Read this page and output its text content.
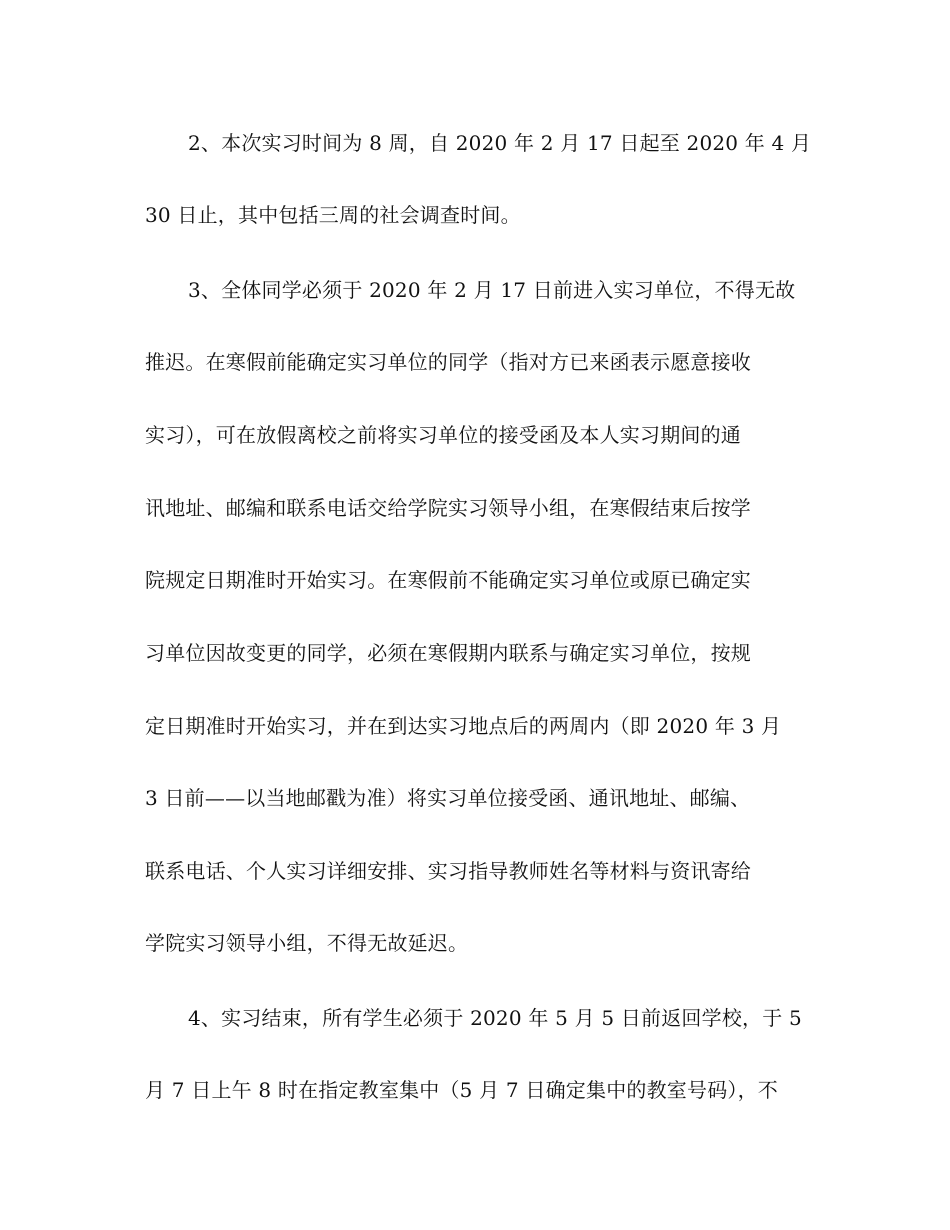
2、本次实习时间为 8 周，自 2020 年 2 月 17 日起至 2020 年 4 月
30 日止，其中包括三周的社会调查时间。
3、全体同学必须于 2020 年 2 月 17 日前进入实习单位，不得无故
推迟。在寒假前能确定实习单位的同学（指对方已来函表示愿意接收
实习），可在放假离校之前将实习单位的接受函及本人实习期间的通
讯地址、邮编和联系电话交给学院实习领导小组，在寒假结束后按学
院规定日期准时开始实习。在寒假前不能确定实习单位或原已确定实
习单位因故变更的同学，必须在寒假期内联系与确定实习单位，按规
定日期准时开始实习，并在到达实习地点后的两周内（即 2020 年 3 月
3 日前——以当地邮戳为准）将实习单位接受函、通讯地址、邮编、
联系电话、个人实习详细安排、实习指导教师姓名等材料与资讯寄给
学院实习领导小组，不得无故延迟。
4、实习结束，所有学生必须于 2020 年 5 月 5 日前返回学校，于 5
月 7 日上午 8 时在指定教室集中（5 月 7 日确定集中的教室号码），不
